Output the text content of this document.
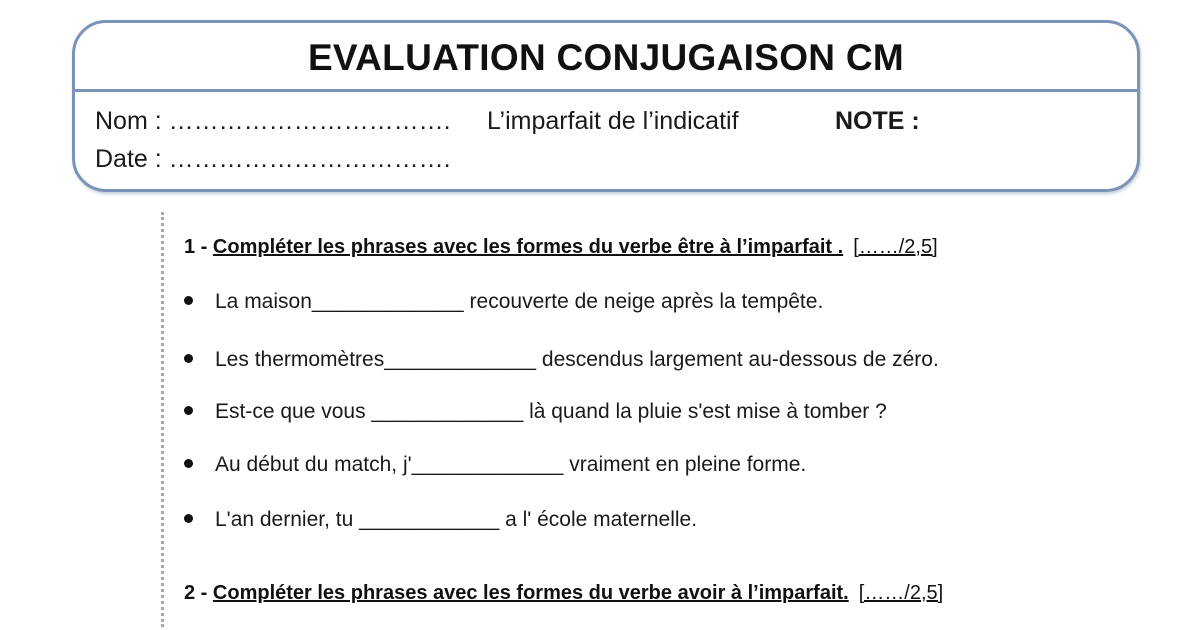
EVALUATION CONJUGAISON CM
Nom : …………………………….
Date : …………………………….
L’imparfait de l’indicatif	NOTE :
1 - Compléter les phrases avec les formes du verbe être à l’imparfait . [……/2,5]
La maison_____________ recouverte de neige après la tempête.
Les thermomètres_____________ descendus largement au-dessous de zéro.
Est-ce que vous _____________ là quand la pluie s'est mise à tomber ?
Au début du match, j'_____________ vraiment en pleine forme.
L'an dernier, tu ____________ a l' école maternelle.
2 - Compléter les phrases avec les formes du verbe avoir à l’imparfait. [……/2,5]
